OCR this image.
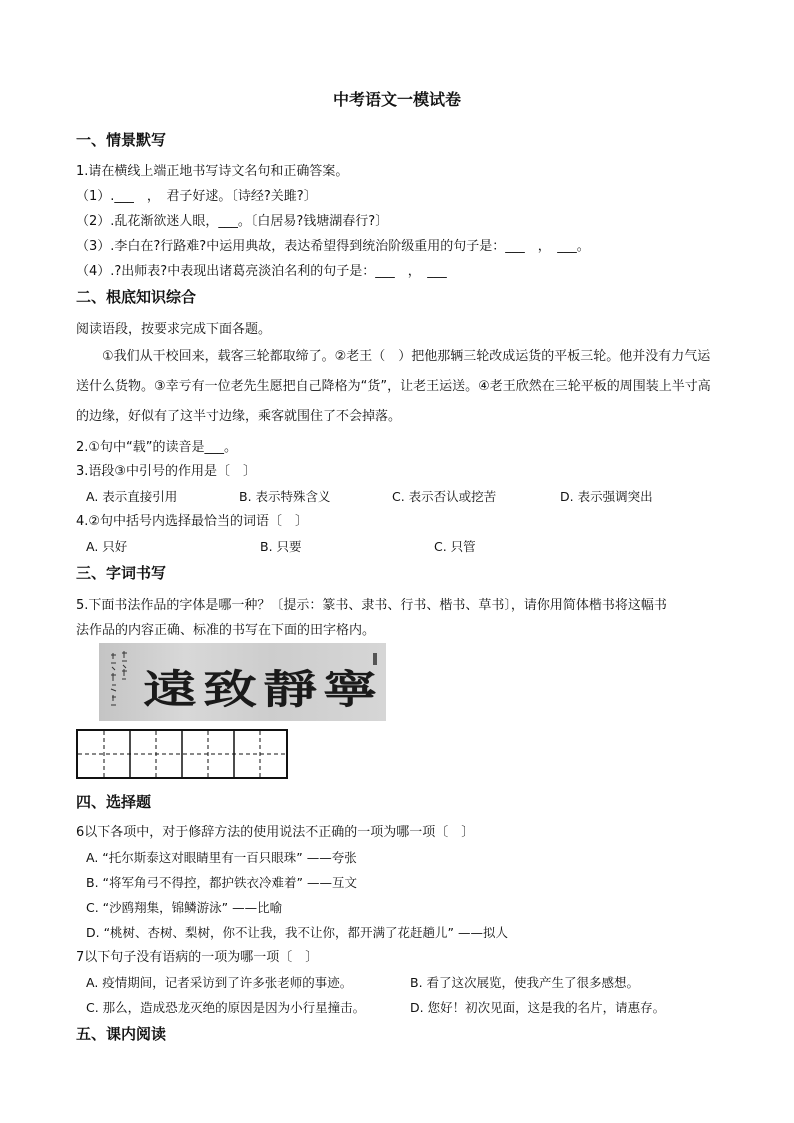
中考语文一模试卷
一、情景默写
1.请在横线上端正地书写诗文名句和正确答案。
（1）.___　，　君子好逑。〔诗经?关雎?〕
（2）.乱花渐欲迷人眼，___。〔白居易?钱塘湖春行?〕
（3）.李白在?行路难?中运用典故，表达希望得到统治阶级重用的句子是：___　，　___。
（4）.?出师表?中表现出诸葛亮淡泊名利的句子是：___　，　___
二、根底知识综合
阅读语段，按要求完成下面各题。
①我们从干校回来，载客三轮都取缔了。②老王（　）把他那辆三轮改成运货的平板三轮。他并没有力气运送什么货物。③幸亏有一位老先生愿把自己降格为“货”，让老王运送。④老王欣然在三轮平板的周围装上半寸高的边缘，好似有了这半寸边缘，乘客就围住了不会掉落。
2.①句中“载”的读音是___。
3.语段③中引号的作用是〔　〕
A. 表示直接引用	B. 表示特殊含义	C. 表示否认或挖苦	D. 表示强调突出
4.②句中括号内选择最恰当的词语〔　〕
A. 只好	B. 只要	C. 只管
三、字词书写
5.下面书法作品的字体是哪一种？〔提示：篆书、隶书、行书、楷书、草书〕，请你用简体楷书将这幅书
法作品的内容正确、标准的书写在下面的田字格内。
遠 致 靜 寧
四、选择题
6以下各项中，对于修辞方法的使用说法不正确的一项为哪一项〔　〕
A. “托尔斯泰这对眼睛里有一百只眼珠” ——夸张
B. “将军角弓不得控，都护铁衣冷难着” ——互文
C. “沙鸥翔集，锦鳞游泳” ——比喻
D. “桃树、杏树、梨树，你不让我，我不让你，都开满了花赶趟儿” ——拟人
7以下句子没有语病的一项为哪一项〔　〕
A. 疫情期间，记者采访到了许多张老师的事迹。	B. 看了这次展览，使我产生了很多感想。
C. 那么，造成恐龙灭绝的原因是因为小行星撞击。	D. 您好！初次见面，这是我的名片，请惠存。
五、课内阅读
